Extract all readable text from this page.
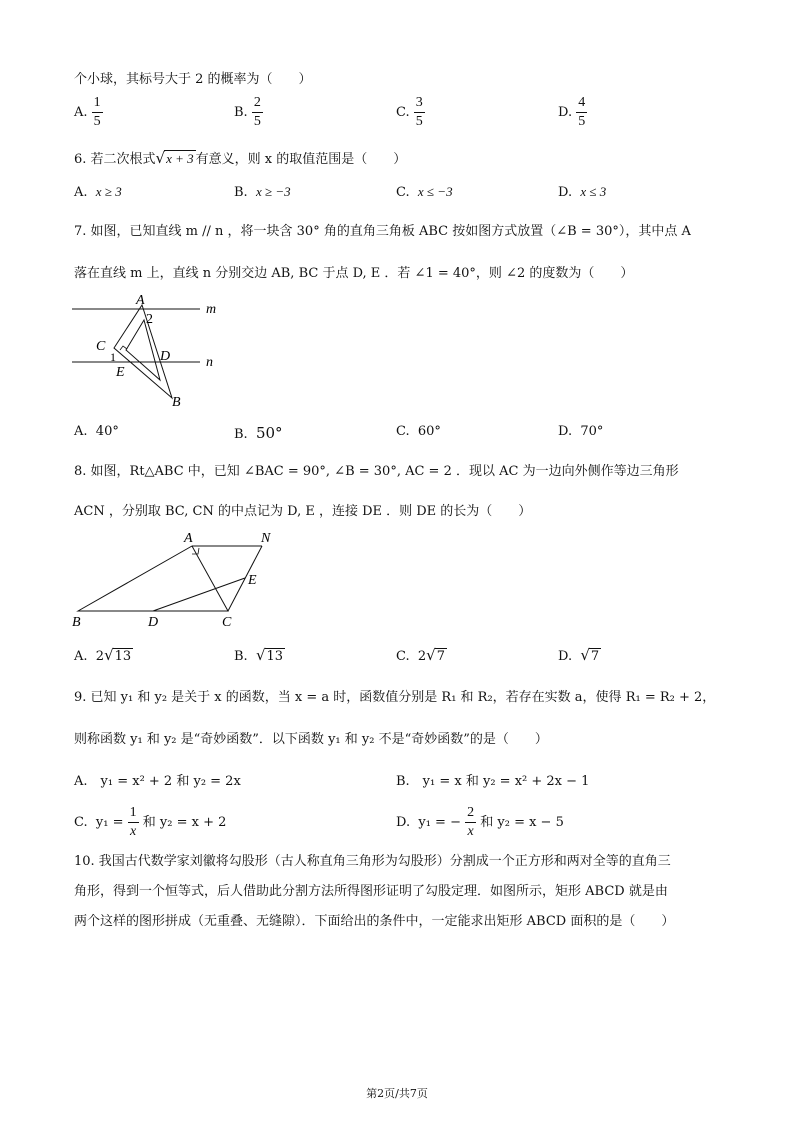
个小球，其标号大于 2 的概率为（　　）
A. $\frac{1}{5}$	B. $\frac{2}{5}$	C. $\frac{3}{5}$	D. $\frac{4}{5}$
6. 若二次根式√x + 3 有意义，则 x 的取值范围是（　　）
A. x ≥ 3	B. x ≥ −3	C. x ≤ −3	D. x ≤ 3
7. 如图，已知直线 m // n ，将一块含 30° 角的直角三角板 ABC 按如图方式放置（∠B = 30°），其中点 A
落在直线 m 上，直线 n 分别交边 AB, BC 于点 D, E ．若 ∠1 = 40°，则 ∠2 的度数为（　　）
A
2
m
C
D
1	n
E
B
A. 40°	B. 50°	C. 60°	D. 70°
8. 如图，Rt△ABC 中，已知 ∠BAC = 90°, ∠B = 30°, AC = 2 ．现以 AC 为一边向外侧作等边三角形
ACN ，分别取 BC, CN 的中点记为 D, E ，连接 DE ．则 DE 的长为（　　）
A	N
E
B	D	C
A. 2√13	B. √13	C. 2√7	D. √7
9. 已知 y₁ 和 y₂ 是关于 x 的函数，当 x = a 时，函数值分别是 R₁ 和 R₂，若存在实数 a，使得 R₁ = R₂ + 2，
则称函数 y₁ 和 y₂ 是“奇妙函数”．以下函数 y₁ 和 y₂ 不是“奇妙函数”的是（　　）
A.　y₁ = x² + 2 和 y₂ = 2x	B.　y₁ = x 和 y₂ = x² + 2x − 1
C. $y_1 = \frac{1}{x}$ 和 y₂ = x + 2	D. y₁ = − $\frac{2}{x}$ 和 y₂ = x − 5
10. 我国古代数学家刘徽将勾股形（古人称直角三角形为勾股形）分割成一个正方形和两对全等的直角三
角形，得到一个恒等式，后人借助此分割方法所得图形证明了勾股定理．如图所示，矩形 ABCD 就是由
两个这样的图形拼成（无重叠、无缝隙）．下面给出的条件中，一定能求出矩形 ABCD 面积的是（　　）
第2页/共7页
